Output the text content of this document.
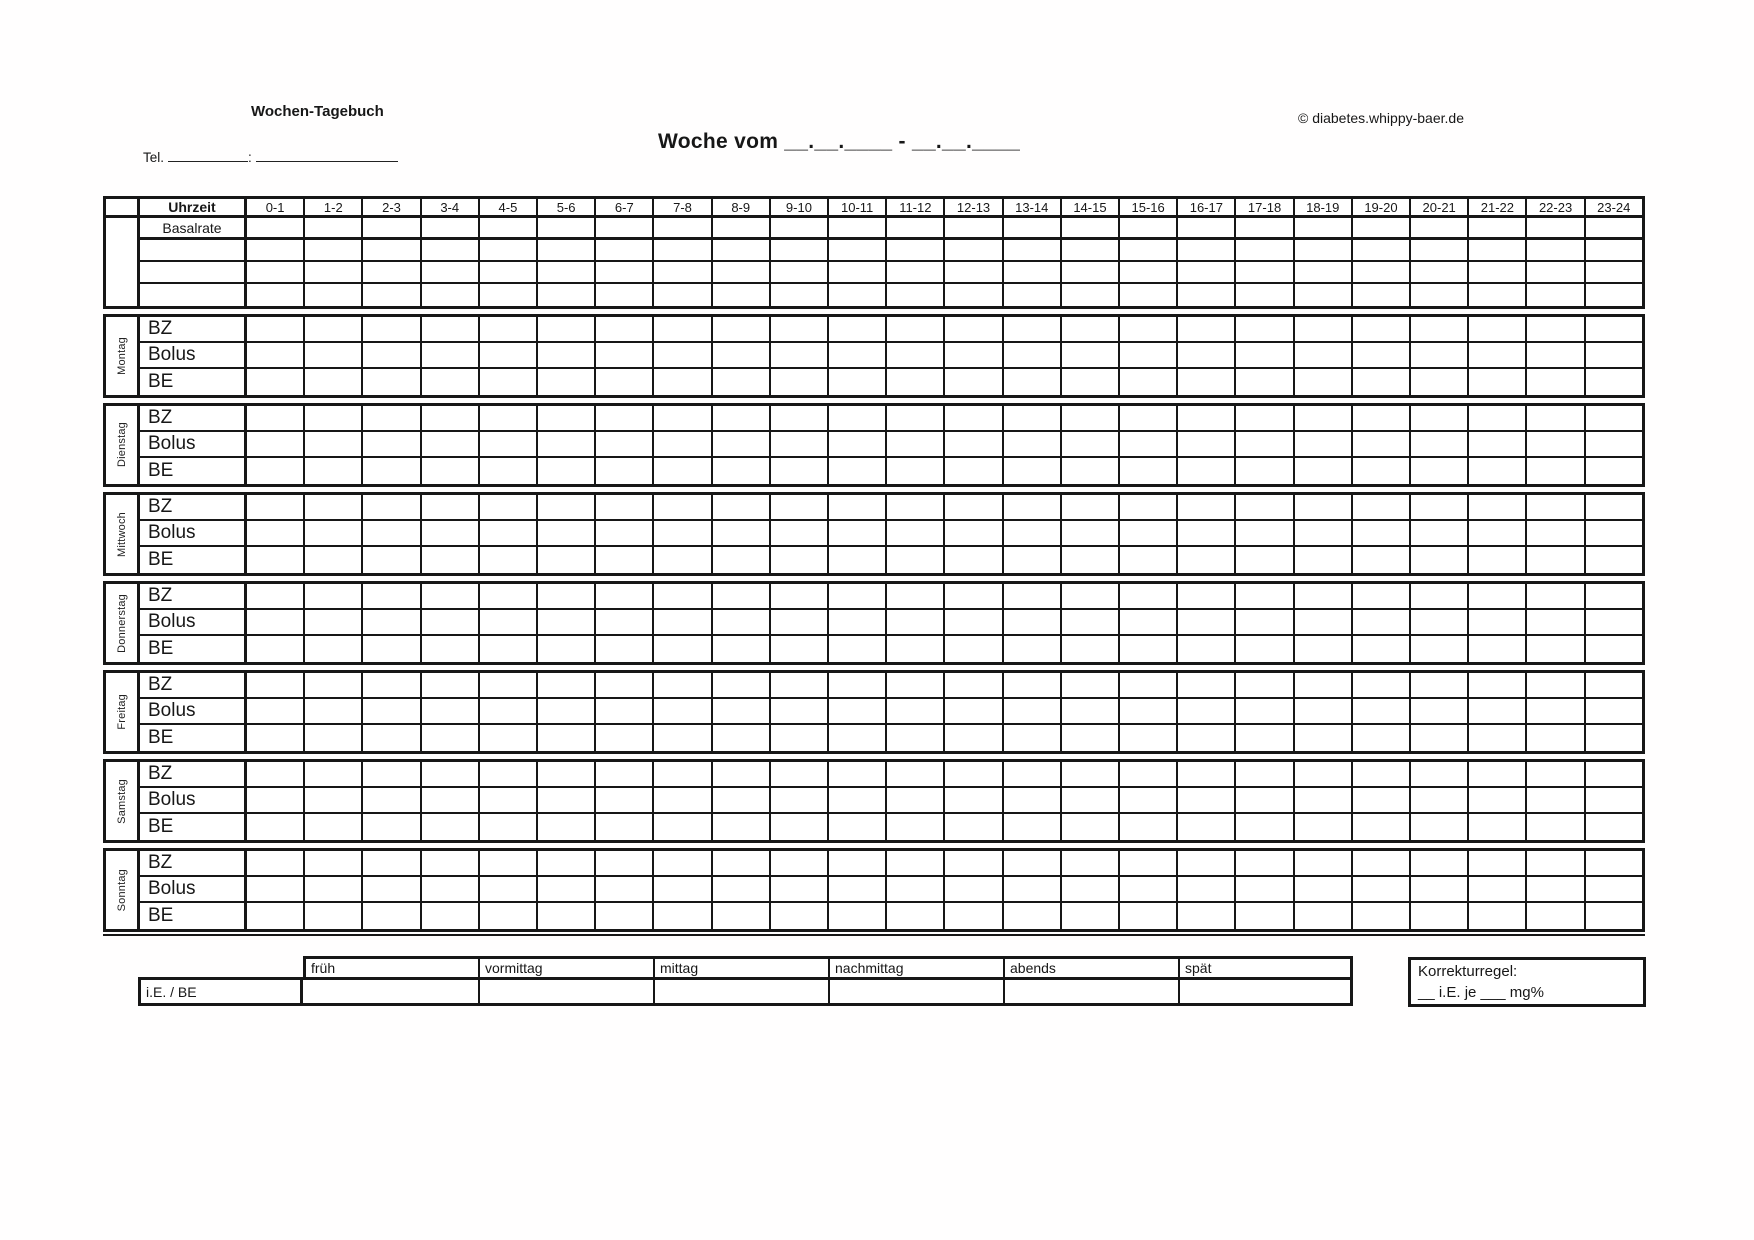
Wochen-Tagebuch	© diabetes.whippy-baer.de
Tel.	:
Woche vom __.__.____ - __.__.____
Uhrzeit	0-1	1-2	2-3	3-4	4-5	5-6	6-7	7-8	8-9	9-10	10-11	11-12	12-13	13-14	14-15	15-16	16-17	17-18	18-19	19-20	20-21	21-22	22-23	23-24
Basalrate
Montag
BZ
Bolus
BE
Dienstag
BZ
Bolus
BE
Mittwoch
BZ
Bolus
BE
Donnerstag	BZ
Bolus
BE
Freitag
BZ
Bolus
BE
Samstag
BZ
Bolus
BE
Sonntag
BZ
Bolus
BE
früh	vormittag	mittag	nachmittag	abends	spät
i.E. / BE
Korrekturregel:
__ i.E. je ___ mg%
